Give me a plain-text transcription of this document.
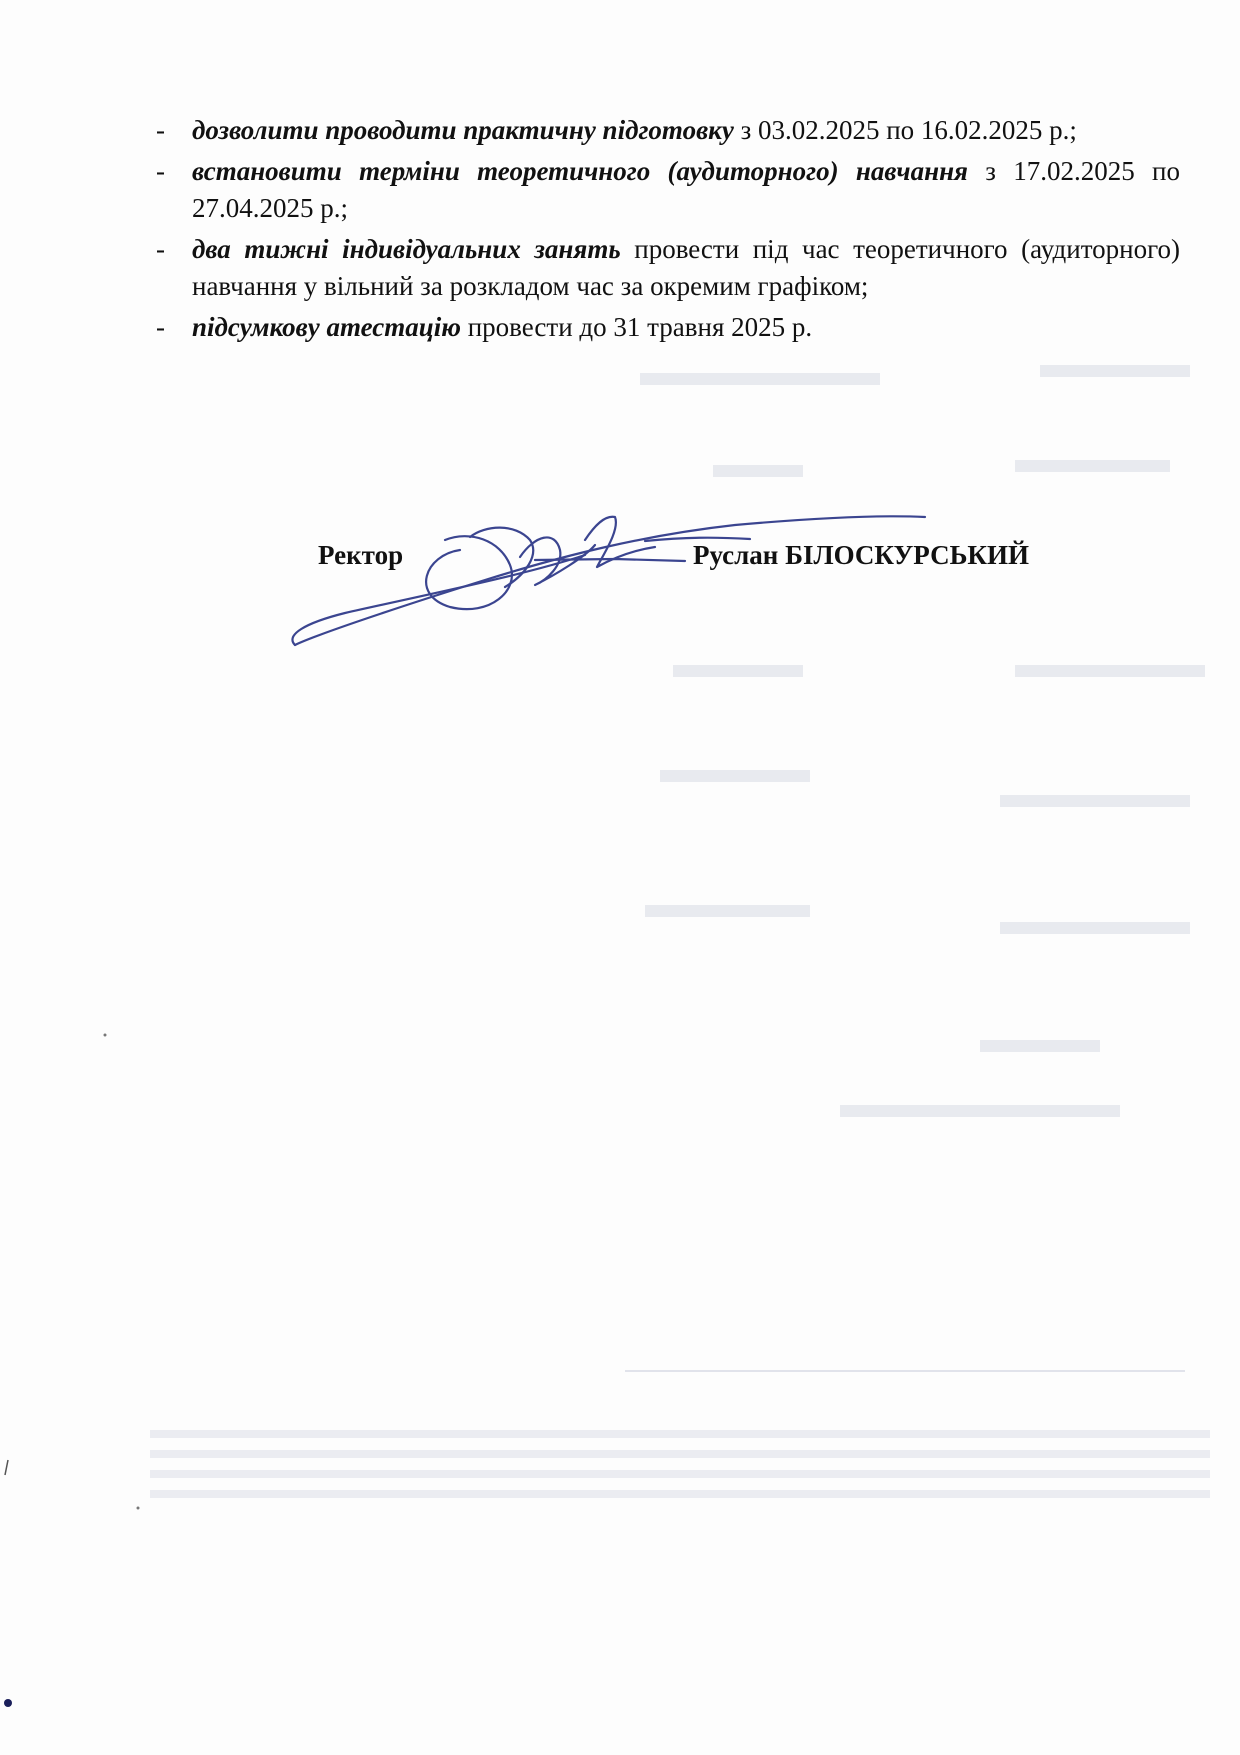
- дозволити проводити практичну підготовку з 03.02.2025 по 16.02.2025 р.;
- встановити терміни теоретичного (аудиторного) навчання з 17.02.2025 по 27.04.2025 р.;
- два тижні індивідуальних занять провести під час теоретичного (аудиторного) навчання у вільний за розкладом час за окремим графіком;
- підсумкову атестацію провести до 31 травня 2025 р.
Ректор	Руслан БІЛОСКУРСЬКИЙ
